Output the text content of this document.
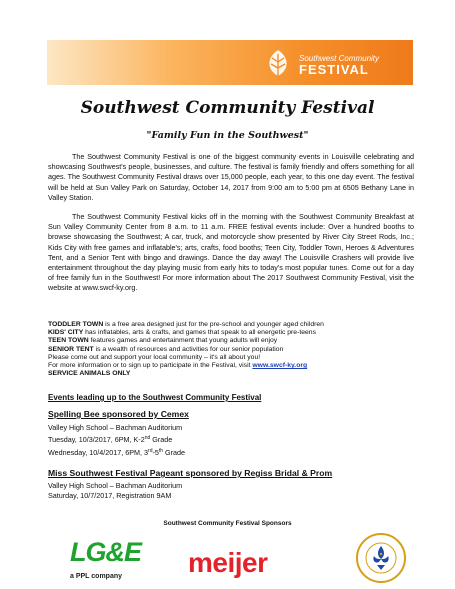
Southwest Community
FESTIVAL
Southwest Community Festival
"Family Fun in the Southwest"

The Southwest Community Festival is one of the biggest community events in Louisville celebrating and showcasing Southwest's people, businesses, and culture. The festival is family friendly and offers something for all ages. The Southwest Community Festival draws over 15,000 people, each year, to this one day event. The festival will be held at Sun Valley Park on Saturday, October 14, 2017 from 9:00 am to 5:00 pm at 6505 Bethany Lane in Valley Station.

The Southwest Community Festival kicks off in the morning with the Southwest Community Breakfast at Sun Valley Community Center from 8 a.m. to 11 a.m. FREE festival events include: Over a hundred booths to browse showcasing the Southwest; A car, truck, and motorcycle show presented by River City Street Rods, Inc.; Kids City with free games and inflatable's; arts, crafts, food booths; Teen City, Toddler Town, Heroes & Adventures Tent, and a Senior Tent with bingo and drawings. Dance the day away! The Louisville Crashers will provide live entertainment throughout the day playing music from early hits to today's most popular tunes. Come out for a day of free family fun in the Southwest! For more information about The 2017 Southwest Community Festival, visit the website at www.swcf-ky.org.

TODDLER TOWN is a free area designed just for the pre-school and younger aged children
KIDS' CITY has inflatables, arts & crafts, and games that speak to all energetic pre-teens
TEEN TOWN features games and entertainment that young adults will enjoy
SENIOR TENT is a wealth of resources and activities for our senior population
Please come out and support your local community – it's all about you!
For more information or to sign up to participate in the Festival, visit www.swcf-ky.org
SERVICE ANIMALS ONLY
Events leading up to the Southwest Community Festival
Spelling Bee sponsored by Cemex
Valley High School – Bachman Auditorium
Tuesday, 10/3/2017, 6PM, K-2nd Grade
Wednesday, 10/4/2017, 6PM, 3rd-5th Grade
Miss Southwest Festival Pageant sponsored by Regiss Bridal & Prom
Valley High School – Bachman Auditorium
Saturday, 10/7/2017, Registration 9AM
Southwest Community Festival Sponsors
LG&E
a PPL company meijer
